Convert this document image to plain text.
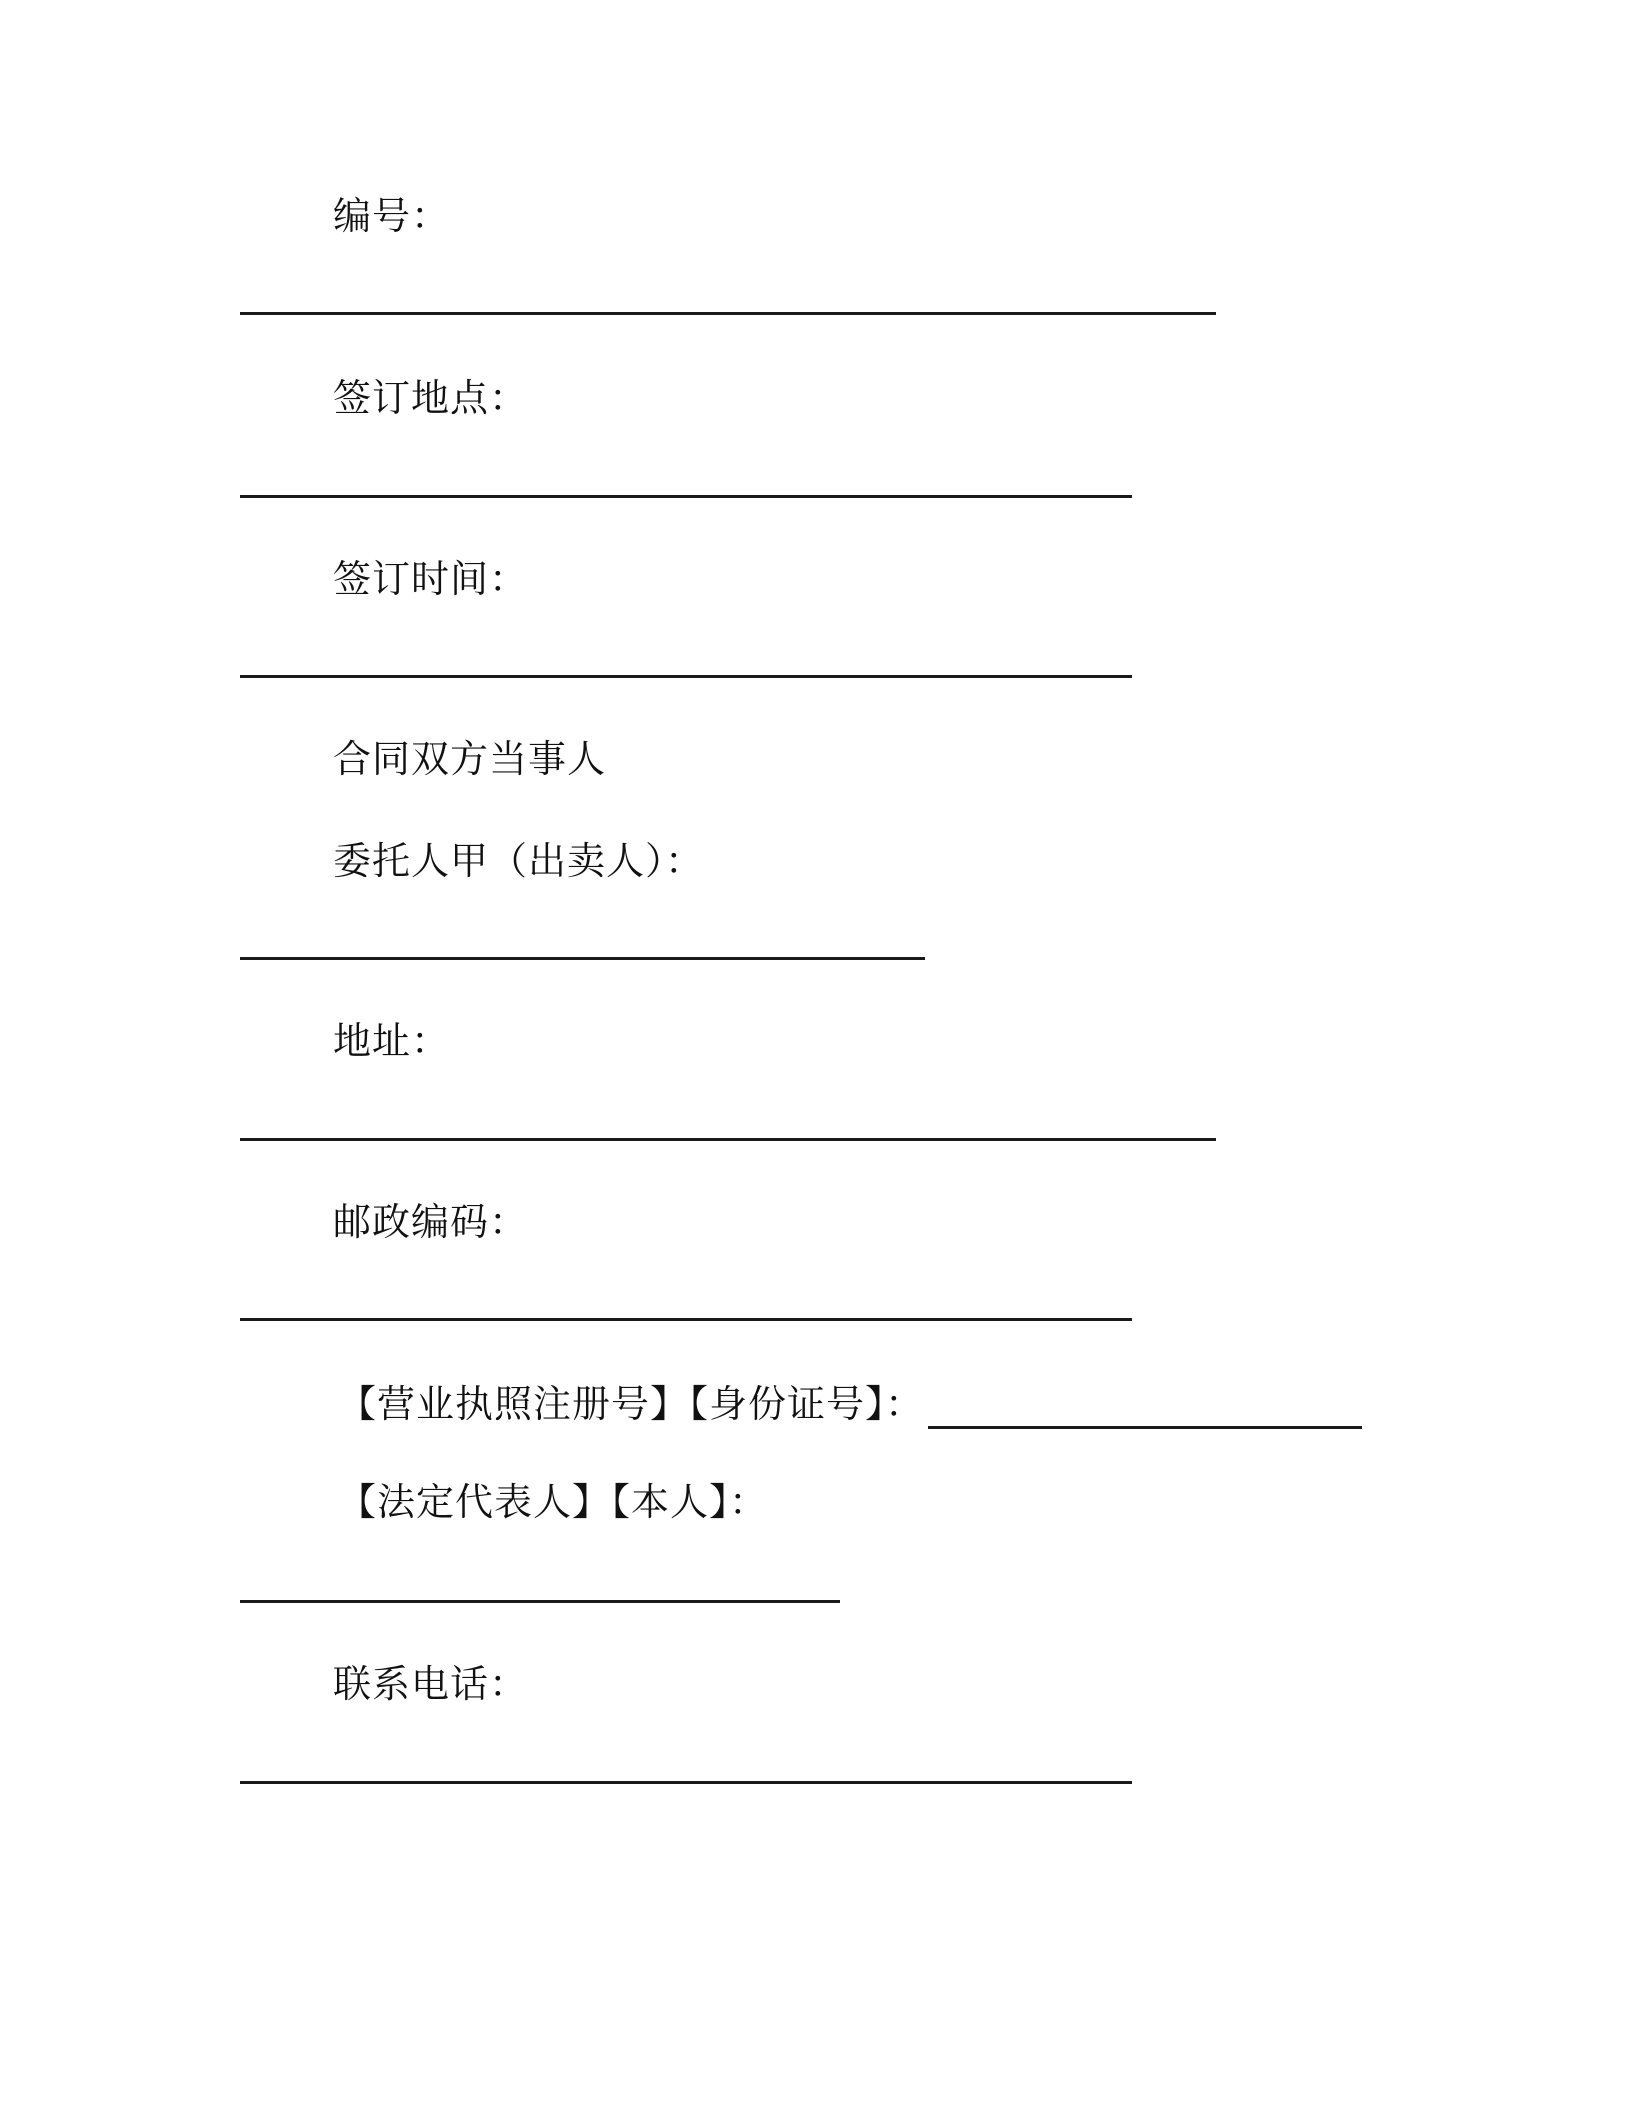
编号：
签订地点：
签订时间：
合同双方当事人
委托人甲（出卖人）：
地址：
邮政编码：
【营业执照注册号】【身份证号】：
【法定代表人】【本人】：
联系电话：
